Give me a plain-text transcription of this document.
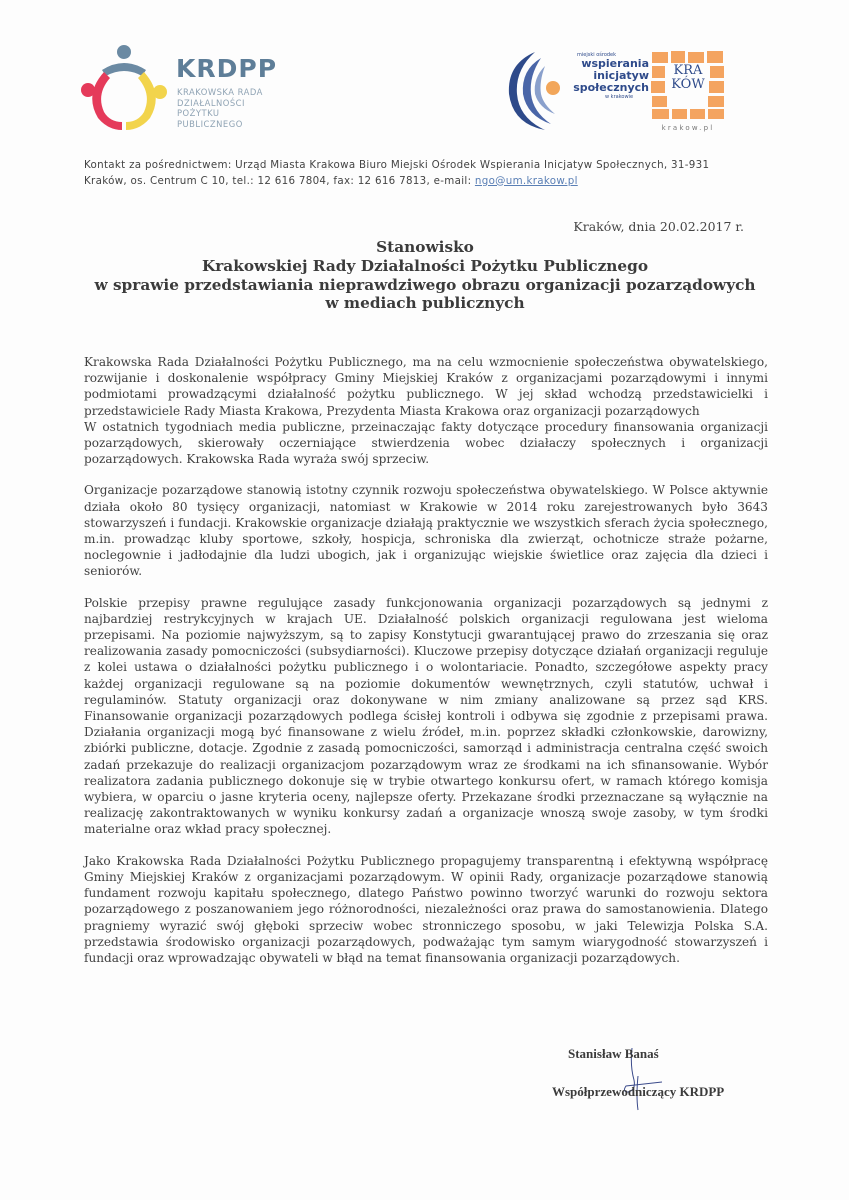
KRDPP
KRAKOWSKA RADA
DZIAŁALNOŚCI
POŻYTKU
PUBLICZNEGO
miejski ośrodek
wspierania
inicjatyw
społecznych
w krakowie
KRA
KÓW
krakow.pl
Kontakt za pośrednictwem: Urząd Miasta Krakowa Biuro Miejski Ośrodek Wspierania Inicjatyw Społecznych, 31-931
Kraków, os. Centrum C 10, tel.: 12 616 7804, fax: 12 616 7813, e-mail: ngo@um.krakow.pl
Kraków, dnia 20.02.2017 r.
Stanowisko
Krakowskiej Rady Działalności Pożytku Publicznego
w sprawie przedstawiania nieprawdziwego obrazu organizacji pozarządowych
w mediach publicznych

Krakowska Rada Działalności Pożytku Publicznego, ma na celu wzmocnienie społeczeństwa obywatelskiego, rozwijanie i doskonalenie współpracy Gminy Miejskiej Kraków z organizacjami pozarządowymi i innymi podmiotami prowadzącymi działalność pożytku publicznego. W jej skład wchodzą przedstawicielki i przedstawiciele Rady Miasta Krakowa, Prezydenta Miasta Krakowa oraz organizacji pozarządowych

W ostatnich tygodniach media publiczne, przeinaczając fakty dotyczące procedury finansowania organizacji pozarządowych, skierowały oczerniające stwierdzenia wobec działaczy społecznych i organizacji pozarządowych. Krakowska Rada wyraża swój sprzeciw.

Organizacje pozarządowe stanowią istotny czynnik rozwoju społeczeństwa obywatelskiego. W Polsce aktywnie działa około 80 tysięcy organizacji, natomiast w Krakowie w 2014 roku zarejestrowanych było 3643 stowarzyszeń i fundacji. Krakowskie organizacje działają praktycznie we wszystkich sferach życia społecznego, m.in. prowadząc kluby sportowe, szkoły, hospicja, schroniska dla zwierząt, ochotnicze straże pożarne, noclegownie i jadłodajnie dla ludzi ubogich, jak i organizując wiejskie świetlice oraz zajęcia dla dzieci i seniorów.

Polskie przepisy prawne regulujące zasady funkcjonowania organizacji pozarządowych są jednymi z najbardziej restrykcyjnych w krajach UE. Działalność polskich organizacji regulowana jest wieloma przepisami. Na poziomie najwyższym, są to zapisy Konstytucji gwarantującej prawo do zrzeszania się oraz realizowania zasady pomocniczości (subsydiarności). Kluczowe przepisy dotyczące działań organizacji reguluje z kolei ustawa o działalności pożytku publicznego i o wolontariacie. Ponadto, szczegółowe aspekty pracy każdej organizacji regulowane są na poziomie dokumentów wewnętrznych, czyli statutów, uchwał i regulaminów. Statuty organizacji oraz dokonywane w nim zmiany analizowane są przez sąd KRS. Finansowanie organizacji pozarządowych podlega ścisłej kontroli i odbywa się zgodnie z przepisami prawa. Działania organizacji mogą być finansowane z wielu źródeł, m.in. poprzez składki członkowskie, darowizny, zbiórki publiczne, dotacje. Zgodnie z zasadą pomocniczości, samorząd i administracja centralna część swoich zadań przekazuje do realizacji organizacjom pozarządowym wraz ze środkami na ich sfinansowanie. Wybór realizatora zadania publicznego dokonuje się w trybie otwartego konkursu ofert, w ramach którego komisja wybiera, w oparciu o jasne kryteria oceny, najlepsze oferty. Przekazane środki przeznaczane są wyłącznie na realizację zakontraktowanych w wyniku konkursy zadań a organizacje wnoszą swoje zasoby, w tym środki materialne oraz wkład pracy społecznej.

Jako Krakowska Rada Działalności Pożytku Publicznego propagujemy transparentną i efektywną współpracę Gminy Miejskiej Kraków z organizacjami pozarządowym. W opinii Rady, organizacje pozarządowe stanowią fundament rozwoju kapitału społecznego, dlatego Państwo powinno tworzyć warunki do rozwoju sektora pozarządowego z poszanowaniem jego różnorodności, niezależności oraz prawa do samostanowienia. Dlatego pragniemy wyrazić swój głęboki sprzeciw wobec stronniczego sposobu, w jaki Telewizja Polska S.A. przedstawia środowisko organizacji pozarządowych, podważając tym samym wiarygodność stowarzyszeń i fundacji oraz wprowadzając obywateli w błąd na temat finansowania organizacji pozarządowych.

Stanisław Banaś
Współprzewodniczący KRDPP
